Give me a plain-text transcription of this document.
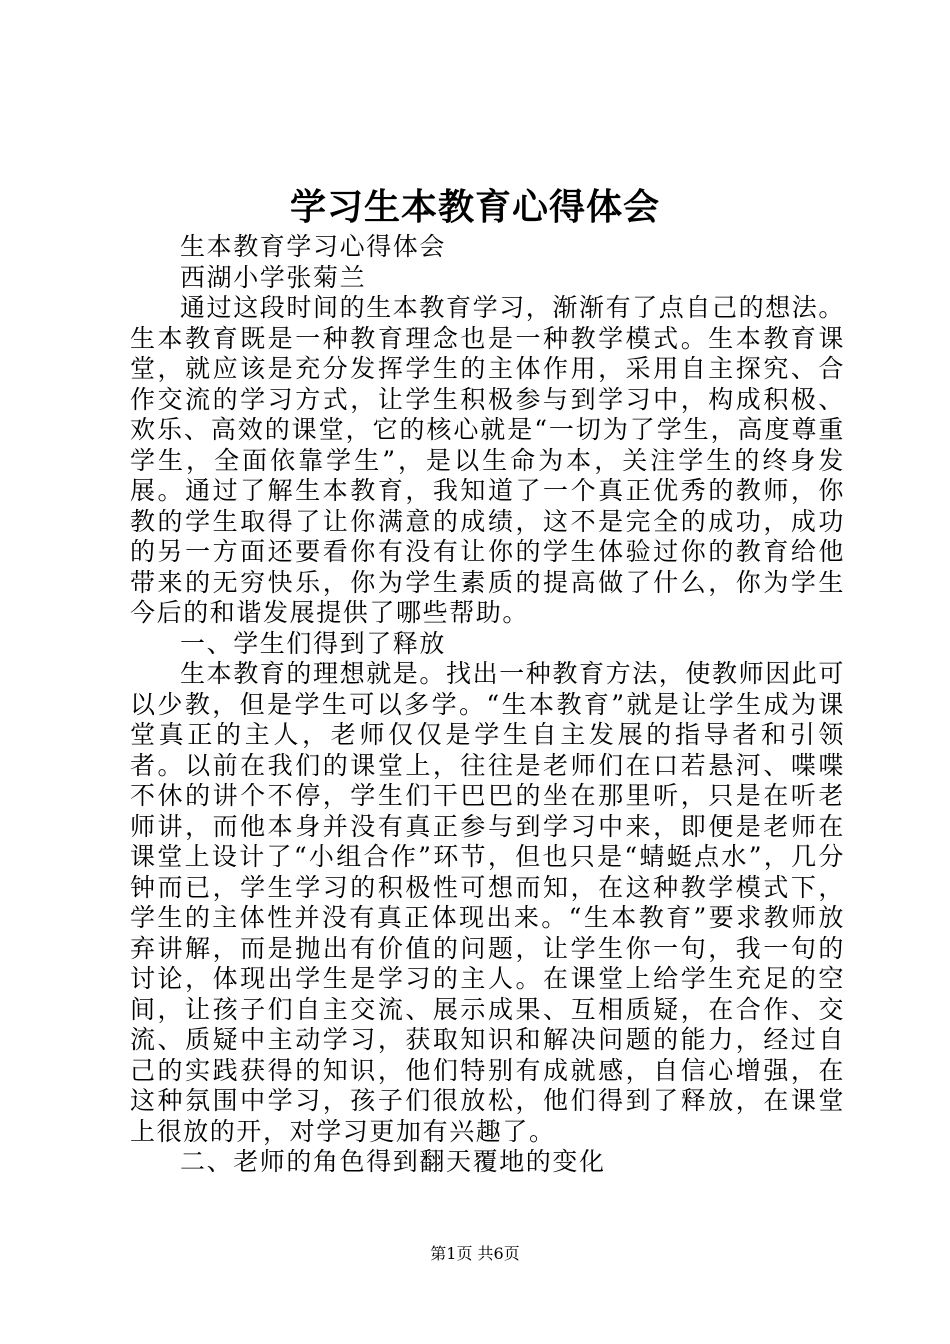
学习生本教育心得体会

生本教育学习心得体会

西湖小学张菊兰

通过这段时间的生本教育学习，渐渐有了点自己的想法。生本教育既是一种教育理念也是一种教学模式。生本教育课堂，就应该是充分发挥学生的主体作用，采用自主探究、合作交流的学习方式，让学生积极参与到学习中，构成积极、欢乐、高效的课堂，它的核心就是“一切为了学生，高度尊重学生，全面依靠学生”，是以生命为本，关注学生的终身发展。通过了解生本教育，我知道了一个真正优秀的教师，你教的学生取得了让你满意的成绩，这不是完全的成功，成功的另一方面还要看你有没有让你的学生体验过你的教育给他带来的无穷快乐，你为学生素质的提高做了什么，你为学生今后的和谐发展提供了哪些帮助。

一、学生们得到了释放

生本教育的理想就是。找出一种教育方法，使教师因此可以少教，但是学生可以多学。“生本教育”就是让学生成为课堂真正的主人，老师仅仅是学生自主发展的指导者和引领者。以前在我们的课堂上，往往是老师们在口若悬河、喋喋不休的讲个不停，学生们干巴巴的坐在那里听，只是在听老师讲，而他本身并没有真正参与到学习中来，即便是老师在课堂上设计了“小组合作”环节，但也只是“蜻蜓点水”，几分钟而已，学生学习的积极性可想而知，在这种教学模式下，学生的主体性并没有真正体现出来。“生本教育”要求教师放弃讲解，而是抛出有价值的问题，让学生你一句，我一句的讨论，体现出学生是学习的主人。在课堂上给学生充足的空间，让孩子们自主交流、展示成果、互相质疑，在合作、交流、质疑中主动学习，获取知识和解决问题的能力，经过自己的实践获得的知识，他们特别有成就感，自信心增强，在这种氛围中学习，孩子们很放松，他们得到了释放，在课堂上很放的开，对学习更加有兴趣了。

二、老师的角色得到翻天覆地的变化

第1页 共6页
